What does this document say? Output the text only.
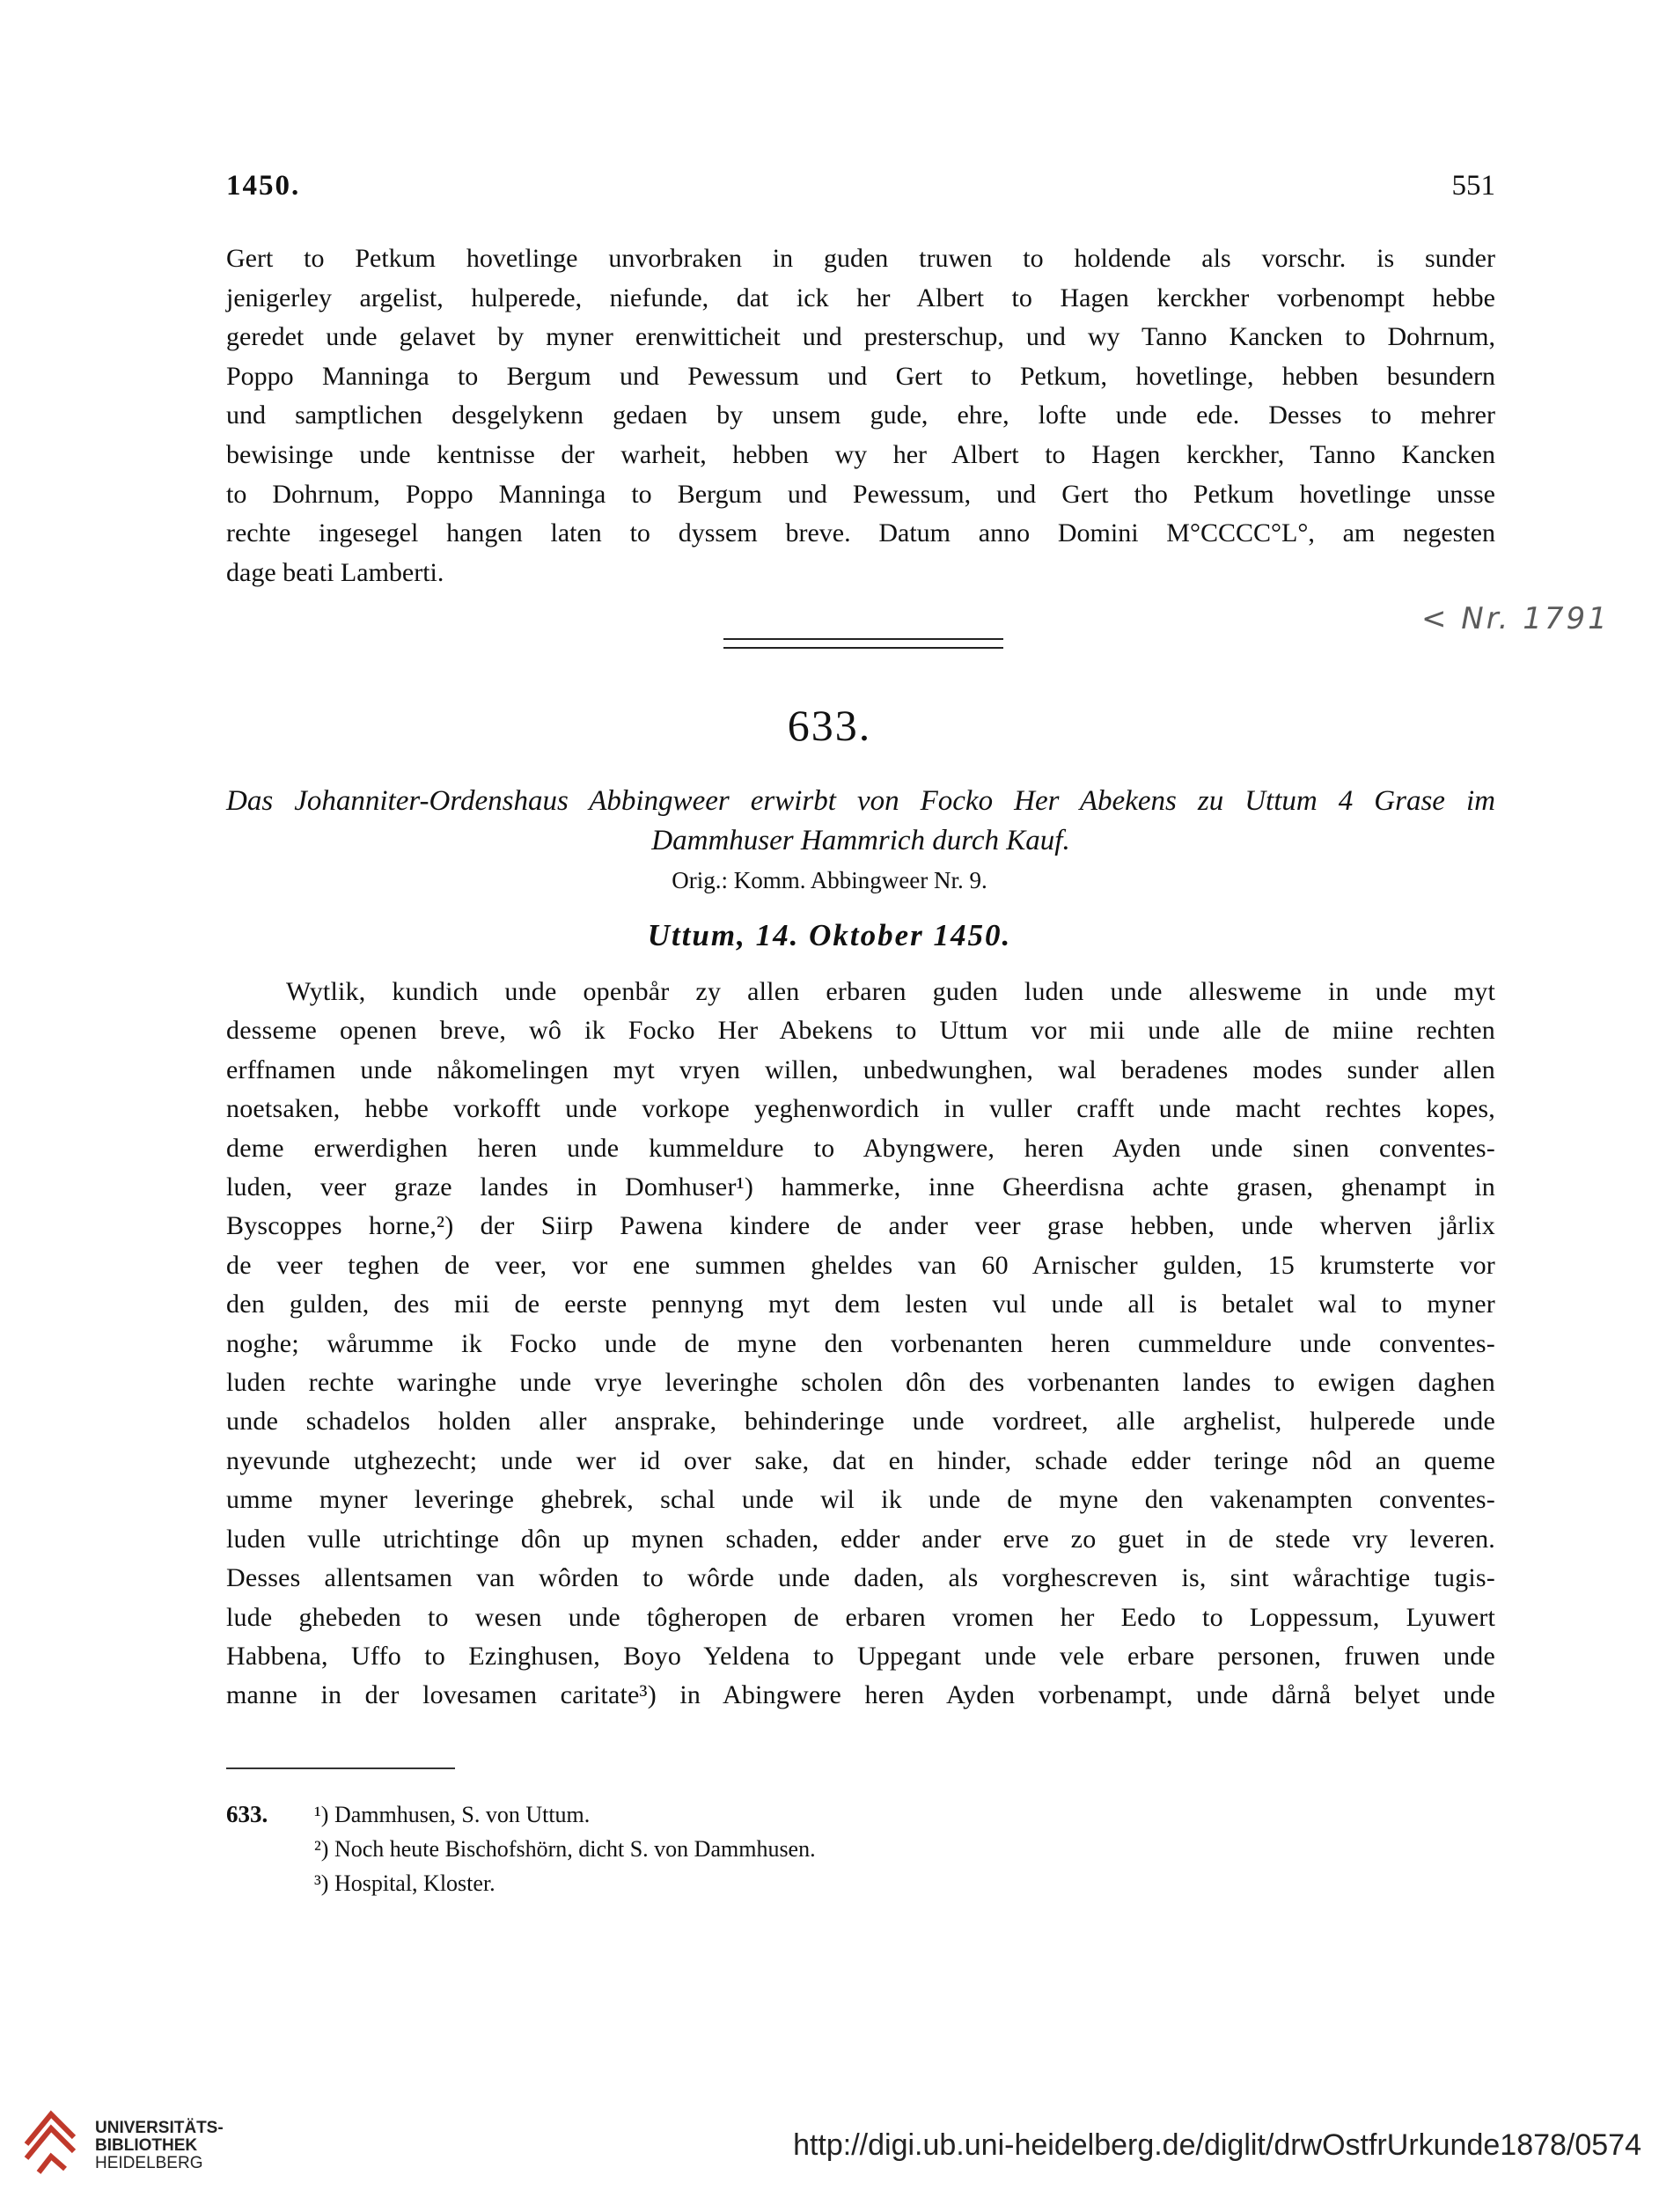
1450.	551

Gert to Petkum hovetlinge unvorbraken in guden truwen to holdende als vorschr. is sunder

jenigerley argelist, hulperede, niefunde, dat ick her Albert to Hagen kerckher vorbenompt hebbe

geredet unde gelavet by myner erenwitticheit und presterschup, und wy Tanno Kancken to Dohrnum,

Poppo Manninga to Bergum und Pewessum und Gert to Petkum, hovetlinge, hebben besundern

und samptlichen desgelykenn gedaen by unsem gude, ehre, lofte unde ede. Desses to mehrer

bewisinge unde kentnisse der warheit, hebben wy her Albert to Hagen kerckher, Tanno Kancken

to Dohrnum, Poppo Manninga to Bergum und Pewessum, und Gert tho Petkum hovetlinge unsse

rechte ingesegel hangen laten to dyssem breve. Datum anno Domini M°CCCC°L°, am negesten

dage beati Lamberti.

< Nr. 1791
633.

Das Johanniter-Ordenshaus Abbingweer erwirbt von Focko Her Abekens zu Uttum 4 Grase im

Dammhuser Hammrich durch Kauf.

Orig.: Komm. Abbingweer Nr. 9.
Uttum, 14. Oktober 1450.

Wytlik, kundich unde openbår zy allen erbaren guden luden unde allesweme in unde myt

desseme openen breve, wô ik Focko Her Abekens to Uttum vor mii unde alle de miine rechten

erffnamen unde nåkomelingen myt vryen willen, unbedwunghen, wal beradenes modes sunder allen

noetsaken, hebbe vorkofft unde vorkope yeghenwordich in vuller crafft unde macht rechtes kopes,

deme erwerdighen heren unde kummeldure to Abyngwere, heren Ayden unde sinen conventes-

luden, veer graze landes in Domhuser¹) hammerke, inne Gheerdisna achte grasen, ghenampt in

Byscoppes horne,²) der Siirp Pawena kindere de ander veer grase hebben, unde wherven jårlix

de veer teghen de veer, vor ene summen gheldes van 60 Arnischer gulden, 15 krumsterte vor

den gulden, des mii de eerste pennyng myt dem lesten vul unde all is betalet wal to myner

noghe; wårumme ik Focko unde de myne den vorbenanten heren cummeldure unde conventes-

luden rechte waringhe unde vrye leveringhe scholen dôn des vorbenanten landes to ewigen daghen

unde schadelos holden aller ansprake, behinderinge unde vordreet, alle arghelist, hulperede unde

nyevunde utghezecht; unde wer id over sake, dat en hinder, schade edder teringe nôd an queme

umme myner leveringe ghebrek, schal unde wil ik unde de myne den vakenampten conventes-

luden vulle utrichtinge dôn up mynen schaden, edder ander erve zo guet in de stede vry leveren.

Desses allentsamen van wôrden to wôrde unde daden, als vorghescreven is, sint wårachtige tugis-

lude ghebeden to wesen unde tôgheropen de erbaren vromen her Eedo to Loppessum, Lyuwert

Habbena, Uffo to Ezinghusen, Boyo Yeldena to Uppegant unde vele erbare personen, fruwen unde

manne in der lovesamen caritate³) in Abingwere heren Ayden vorbenampt, unde dårnå belyet unde

633. ¹) Dammhusen, S. von Uttum.
²) Noch heute Bischofshörn, dicht S. von Dammhusen.
³) Hospital, Kloster.
UNIVERSITÄTS-
BIBLIOTHEK
HEIDELBERG
http://digi.ub.uni-heidelberg.de/diglit/drwOstfrUrkunde1878/0574
